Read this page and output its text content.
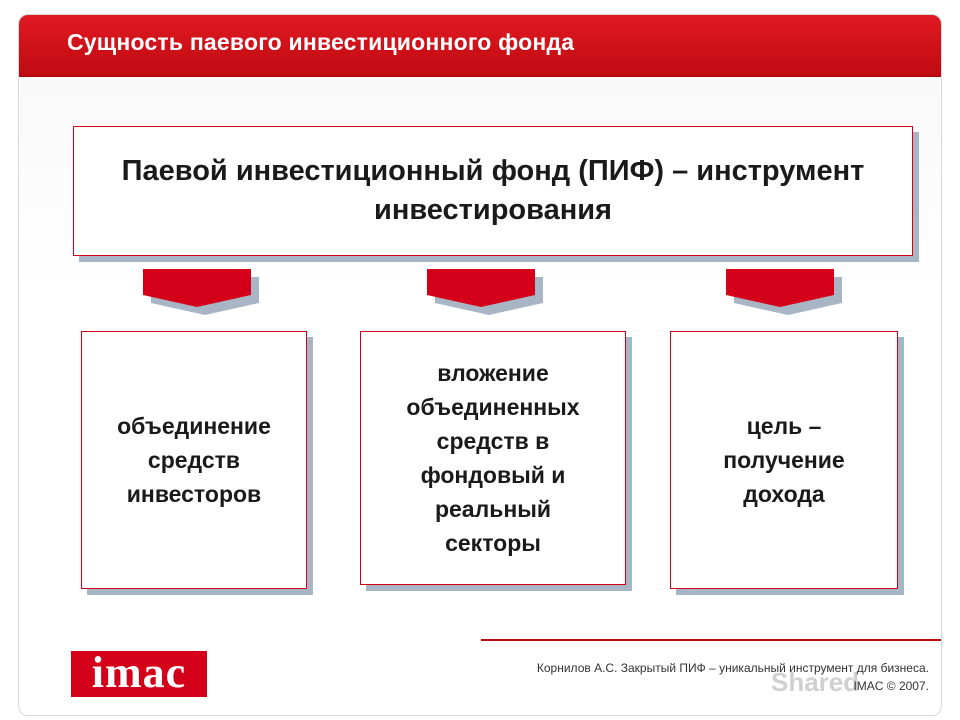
Сущность паевого инвестиционного фонда
Паевой инвестиционный фонд (ПИФ) – инструмент инвестирования
объединение
средств
инвесторов
вложение
объединенных
средств в
фондовый и
реальный
секторы
цель –
получение
дохода
imac	Shared
Корнилов А.С. Закрытый ПИФ – уникальный инструмент для бизнеса.
IMAC © 2007.
